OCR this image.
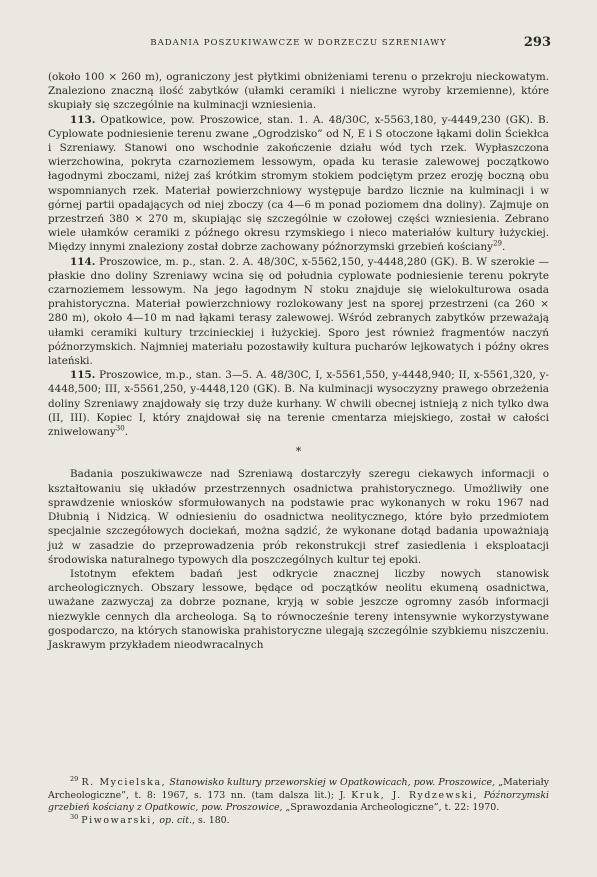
BADANIA POSZUKIWAWCZE W DORZECZU SZRENIAWY	293

(około 100 × 260 m), ograniczony jest płytkimi obniżeniami terenu o przekroju nieckowatym. Znaleziono znaczną ilość zabytków (ułamki ceramiki i nieliczne wyroby krzemienne), które skupiały się szczególnie na kulminacji wzniesienia.

113. Opatkowice, pow. Proszowice, stan. 1. A. 48/30C, x-5563,180, y-4449,230 (GK). B. Cyplowate podniesienie terenu zwane „Ogrodzisko” od N, E i S otoczone łąkami dolin Ściekłca i Szreniawy. Stanowi ono wschodnie zakończenie działu wód tych rzek. Wypłaszczona wierzchowina, pokryta czarnoziemem lessowym, opada ku terasie zalewowej początkowo łagodnymi zboczami, niżej zaś krótkim stromym stokiem podciętym przez erozję boczną obu wspomnianych rzek. Materiał powierzchniowy występuje bardzo licznie na kulminacji i w górnej partii opadających od niej zboczy (ca 4—6 m ponad poziomem dna doliny). Zajmuje on przestrzeń 380 × 270 m, skupiając się szczególnie w czołowej części wzniesienia. Zebrano wiele ułamków ceramiki z późnego okresu rzymskiego i nieco materiałów kultury łużyckiej. Między innymi znaleziony został dobrze zachowany późnorzymski grzebień kościany$^{29}$.

114. Proszowice, m. p., stan. 2. A. 48/30C, x-5562,150, y-4448,280 (GK). B. W szerokie — płaskie dno doliny Szreniawy wcina się od południa cyplowate podniesienie terenu pokryte czarnoziemem lessowym. Na jego łagodnym N stoku znajduje się wielokulturowa osada prahistoryczna. Materiał powierzchniowy rozlokowany jest na sporej przestrzeni (ca 260 × 280 m), około 4—10 m nad łąkami terasy zalewowej. Wśród zebranych zabytków przeważają ułamki ceramiki kultury trzcinieckiej i łużyckiej. Sporo jest również fragmentów naczyń późnorzymskich. Najmniej materiału pozostawiły kultura pucharów lejkowatych i późny okres lateński.

115. Proszowice, m.p., stan. 3—5. A. 48/30C, I, x-5561,550, y-4448,940; II, x-5561,320, y-4448,500; III, x-5561,250, y-4448,120 (GK). B. Na kulminacji wysoczyzny prawego obrzeżenia doliny Szreniawy znajdowały się trzy duże kurhany. W chwili obecnej istnieją z nich tylko dwa (II, III). Kopiec I, który znajdował się na terenie cmentarza miejskiego, został w całości zniwelowany$^{30}$.

*

Badania poszukiwawcze nad Szreniawą dostarczyły szeregu ciekawych informacji o kształtowaniu się układów przestrzennych osadnictwa prahistorycznego. Umożliwiły one sprawdzenie wniosków sformułowanych na podstawie prac wykonanych w roku 1967 nad Dłubnią i Nidzicą. W odniesieniu do osadnictwa neolitycznego, które było przedmiotem specjalnie szczegółowych dociekań, można sądzić, że wykonane dotąd badania upoważniają już w zasadzie do przeprowadzenia prób rekonstrukcji stref zasiedlenia i eksploatacji środowiska naturalnego typowych dla poszczególnych kultur tej epoki.

Istotnym efektem badań jest odkrycie znacznej liczby nowych stanowisk archeologicznych. Obszary lessowe, będące od początków neolitu ekumeną osadnictwa, uważane zazwyczaj za dobrze poznane, kryją w sobie jeszcze ogromny zasób informacji niezwykle cennych dla archeologa. Są to równocześnie tereny intensywnie wykorzystywane gospodarczo, na których stanowiska prahistoryczne ulegają szczególnie szybkiemu niszczeniu. Jaskrawym przykładem nieodwracalnych

$^{29}$ R. Mycielska, Stanowisko kultury przeworskiej w Opatkowicach, pow. Proszowice, „Materiały Archeologiczne”, t. 8: 1967, s. 173 nn. (tam dalsza lit.); J. Kruk, J. Rydzewski, Późnorzymski grzebień kościany z Opatkowic, pow. Proszowice, „Sprawozdania Archeologiczne”, t. 22: 1970.

$^{30}$ Piwowarski, op. cit., s. 180.
